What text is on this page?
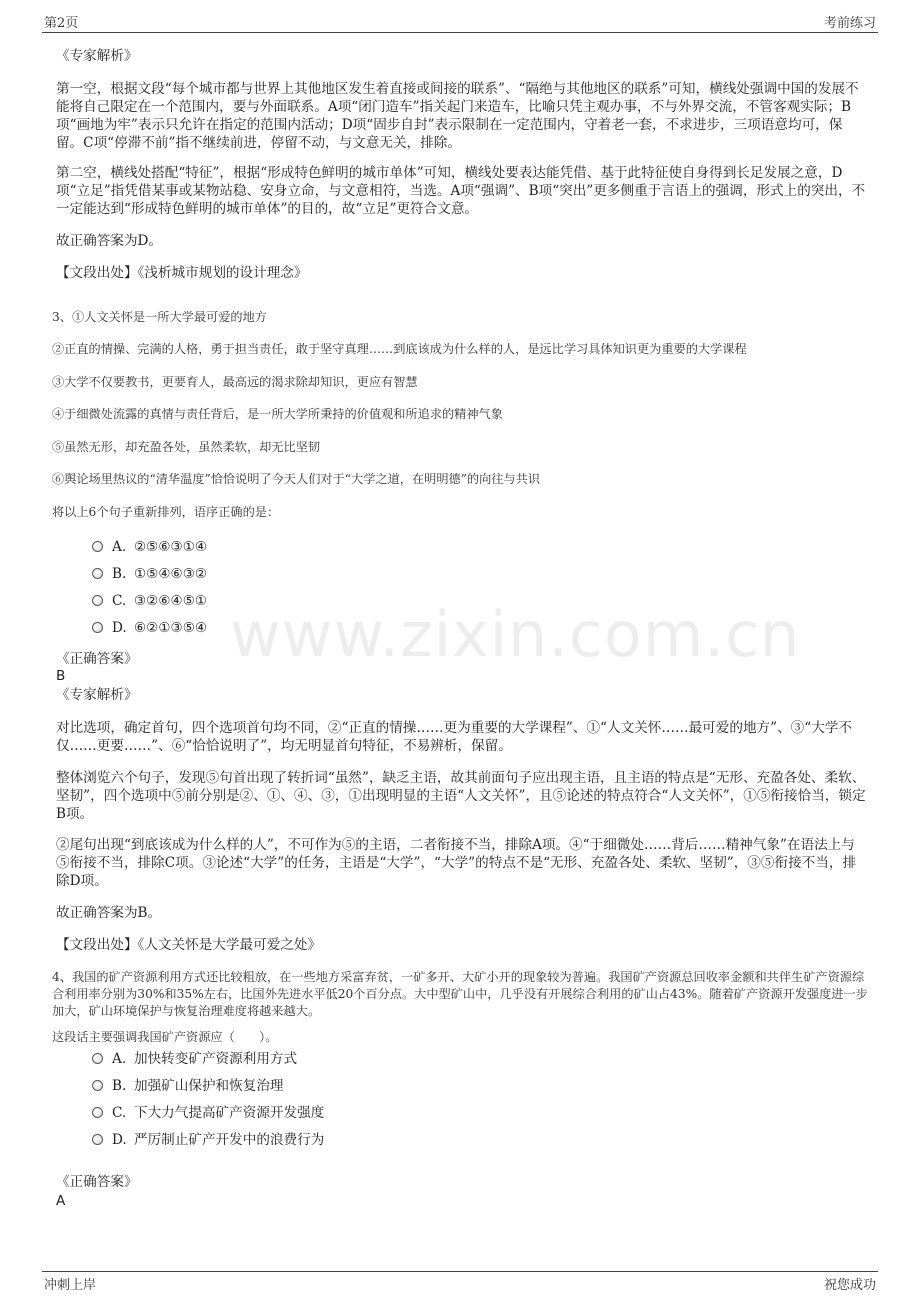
第2页	考前练习
www.zixin.com.cn
《专家解析》
第一空，根据文段“每个城市都与世界上其他地区发生着直接或间接的联系”、“隔绝与其他地区的联系”可知，横线处强调中国的发展不能将自己限定在一个范围内，要与外面联系。A项“闭门造车”指关起门来造车，比喻只凭主观办事，不与外界交流，不管客观实际；B项“画地为牢”表示只允许在指定的范围内活动；D项“固步自封”表示限制在一定范围内，守着老一套，不求进步，三项语意均可，保留。C项“停滞不前”指不继续前进，停留不动，与文意无关，排除。
第二空，横线处搭配“特征”，根据“形成特色鲜明的城市单体”可知，横线处要表达能凭借、基于此特征使自身得到长足发展之意，D项“立足”指凭借某事或某物站稳、安身立命，与文意相符，当选。A项“强调”、B项“突出”更多侧重于言语上的强调，形式上的突出，不一定能达到“形成特色鲜明的城市单体”的目的，故“立足”更符合文意。
故正确答案为D。
【文段出处】《浅析城市规划的设计理念》
3、①人文关怀是一所大学最可爱的地方
②正直的情操、完满的人格，勇于担当责任，敢于坚守真理……到底该成为什么样的人，是远比学习具体知识更为重要的大学课程
③大学不仅要教书，更要育人，最高远的渴求除却知识，更应有智慧
④于细微处流露的真情与责任背后，是一所大学所秉持的价值观和所追求的精神气象
⑤虽然无形，却充盈各处，虽然柔软，却无比坚韧
⑥舆论场里热议的“清华温度”恰恰说明了今天人们对于“大学之道，在明明德”的向往与共识
将以上6个句子重新排列，语序正确的是：
A．②⑤⑥③①④
B. ①⑤④⑥③②
C. ③②⑥④⑤①
D. ⑥②①③⑤④
《正确答案》
B
《专家解析》
对比选项，确定首句，四个选项首句均不同，②“正直的情操……更为重要的大学课程”、①“人文关怀……最可爱的地方”、③“大学不仅……更要……”、⑥“恰恰说明了”，均无明显首句特征，不易辨析，保留。
整体浏览六个句子，发现⑤句首出现了转折词“虽然”，缺乏主语，故其前面句子应出现主语，且主语的特点是“无形、充盈各处、柔软、坚韧”，四个选项中⑤前分别是②、①、④、③，①出现明显的主语“人文关怀”，且⑤论述的特点符合“人文关怀”，①⑤衔接恰当，锁定B项。
②尾句出现“到底该成为什么样的人”，不可作为⑤的主语，二者衔接不当，排除A项。④“于细微处……背后……精神气象”在语法上与⑤衔接不当，排除C项。③论述“大学”的任务，主语是“大学”，“大学”的特点不是“无形、充盈各处、柔软、坚韧”，③⑤衔接不当，排除D项。
故正确答案为B。
【文段出处】《人文关怀是大学最可爱之处》
4、我国的矿产资源利用方式还比较粗放，在一些地方采富弃贫，一矿多开、大矿小开的现象较为普遍。我国矿产资源总回收率金额和共伴生矿产资源综合利用率分别为30%和35%左右，比国外先进水平低20个百分点。大中型矿山中，几乎没有开展综合利用的矿山占43%。随着矿产资源开发强度进一步加大，矿山环境保护与恢复治理难度将越来越大。
这段话主要强调我国矿产资源应（　　）。
A．加快转变矿产资源利用方式
B. 加强矿山保护和恢复治理
C. 下大力气提高矿产资源开发强度
D. 严厉制止矿产开发中的浪费行为
《正确答案》
A
冲刺上岸	祝您成功
